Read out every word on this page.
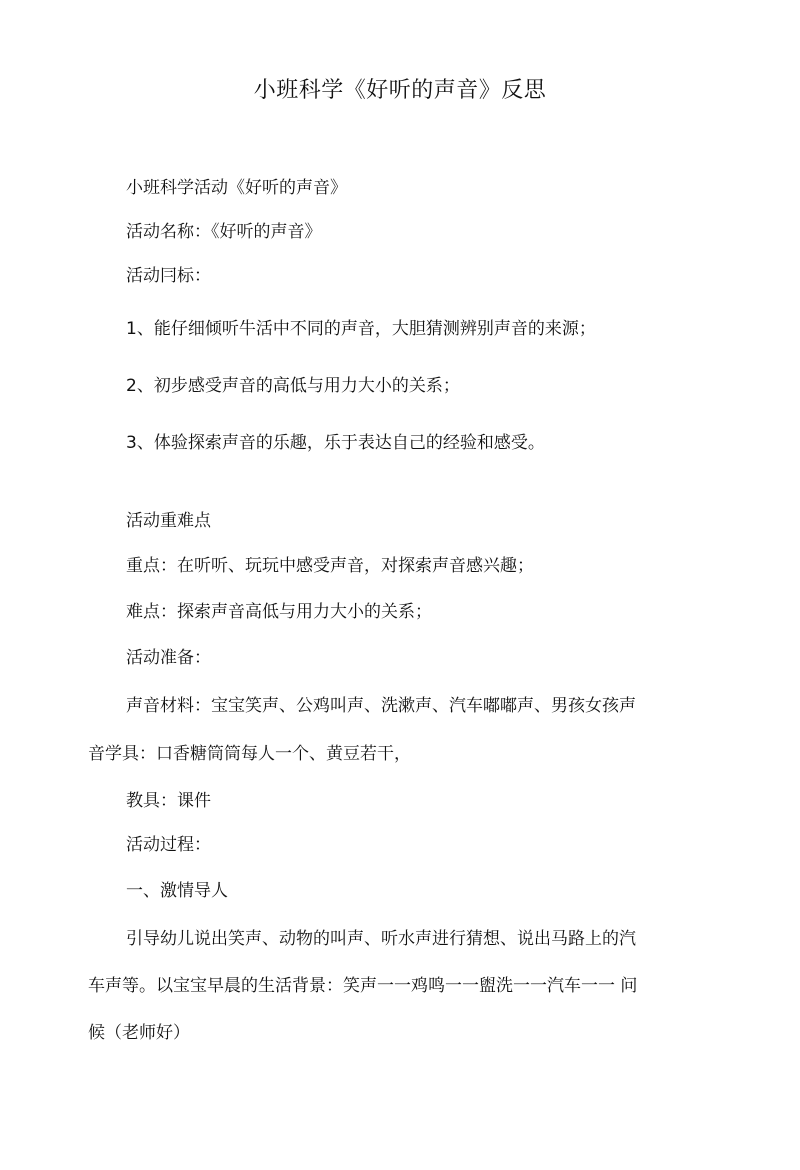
小班科学《好听的声音》反思
小班科学活动《好听的声音》
活动名称：《好听的声音》
活动冃标：
1、能仔细倾听牛活中不同的声音，大胆猜测辨别声音的来源；
2、初步感受声音的高低与用力大小的关系；
3、体验探索声音的乐趣，乐于表达自己的经验和感受。
活动重难点
重点：在听听、玩玩中感受声音，对探索声音感兴趣；
难点：探索声音高低与用力大小的关系；
活动准备：
声音材料：宝宝笑声、公鸡叫声、洗漱声、汽车嘟嘟声、男孩女孩声
音学具：口香糖筒筒每人一个、黄豆若干，
教具：课件
活动过程：
一、激情导人
引导幼儿说出笑声、动物的叫声、听水声进行猜想、说出马路上的汽
车声等。以宝宝早晨的生活背景：笑声一一鸡鸣一一盥洗一一汽车一一 问
候（老师好）
